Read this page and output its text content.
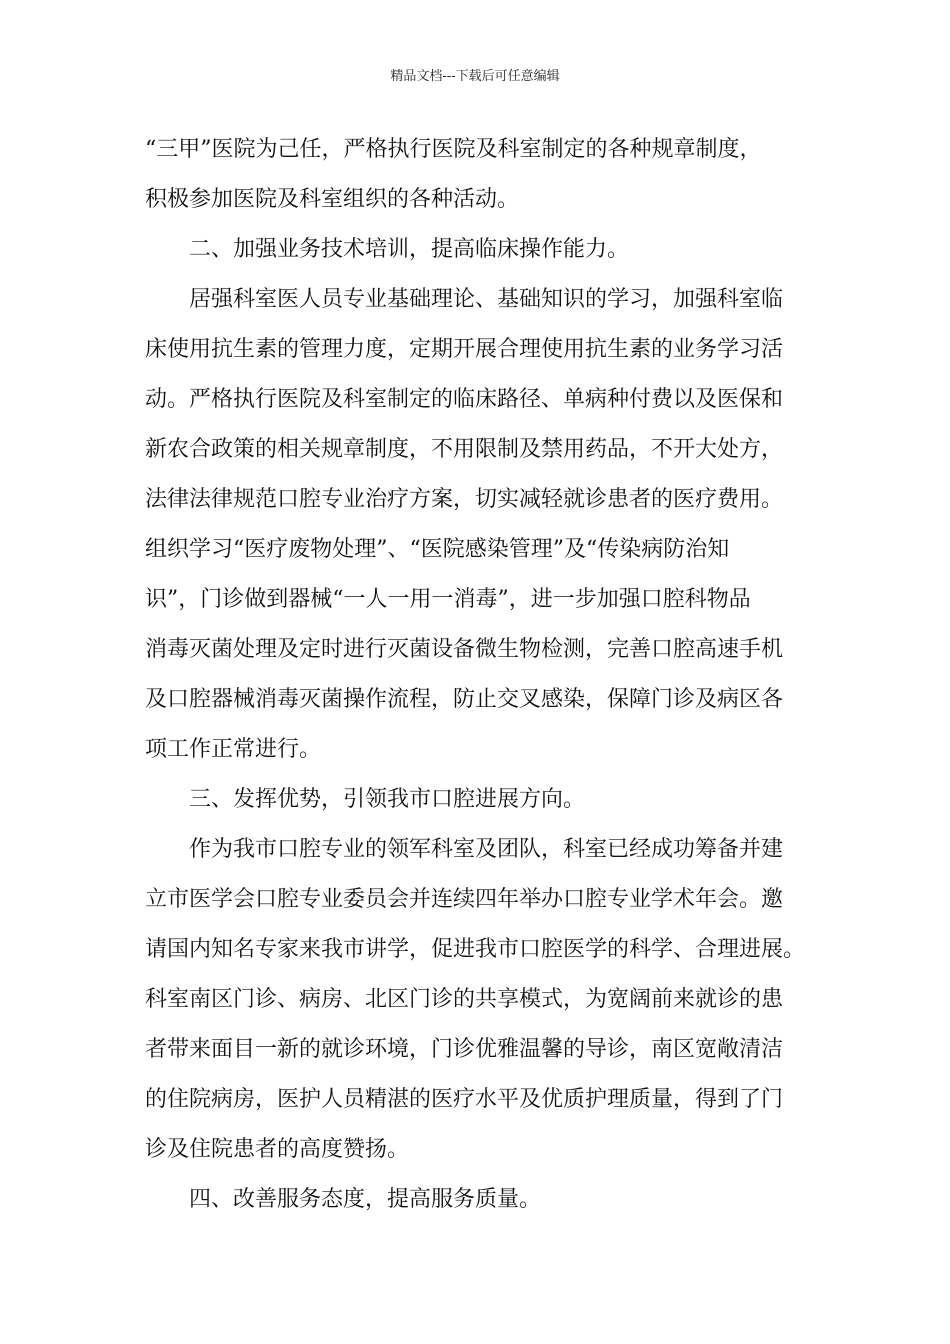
精品文档---下载后可任意编辑
“三甲”医院为己任，严格执行医院及科室制定的各种规章制度，
积极参加医院及科室组织的各种活动。
　　二、加强业务技术培训，提高临床操作能力。
　　居强科室医人员专业基础理论、基础知识的学习，加强科室临
床使用抗生素的管理力度，定期开展合理使用抗生素的业务学习活
动。严格执行医院及科室制定的临床路径、单病种付费以及医保和
新农合政策的相关规章制度，不用限制及禁用药品，不开大处方，
法律法律规范口腔专业治疗方案，切实减轻就诊患者的医疗费用。
组织学习“医疗废物处理”、“医院感染管理”及“传染病防治知
识”，门诊做到器械“一人一用一消毒”，进一步加强口腔科物品
消毒灭菌处理及定时进行灭菌设备微生物检测，完善口腔高速手机
及口腔器械消毒灭菌操作流程，防止交叉感染，保障门诊及病区各
项工作正常进行。
　　三、发挥优势，引领我市口腔进展方向。
　　作为我市口腔专业的领军科室及团队，科室已经成功筹备并建
立市医学会口腔专业委员会并连续四年举办口腔专业学术年会。邀
请国内知名专家来我市讲学，促进我市口腔医学的科学、合理进展。
科室南区门诊、病房、北区门诊的共享模式，为宽阔前来就诊的患
者带来面目一新的就诊环境，门诊优雅温馨的导诊，南区宽敞清洁
的住院病房，医护人员精湛的医疗水平及优质护理质量，得到了门
诊及住院患者的高度赞扬。
　　四、改善服务态度，提高服务质量。
